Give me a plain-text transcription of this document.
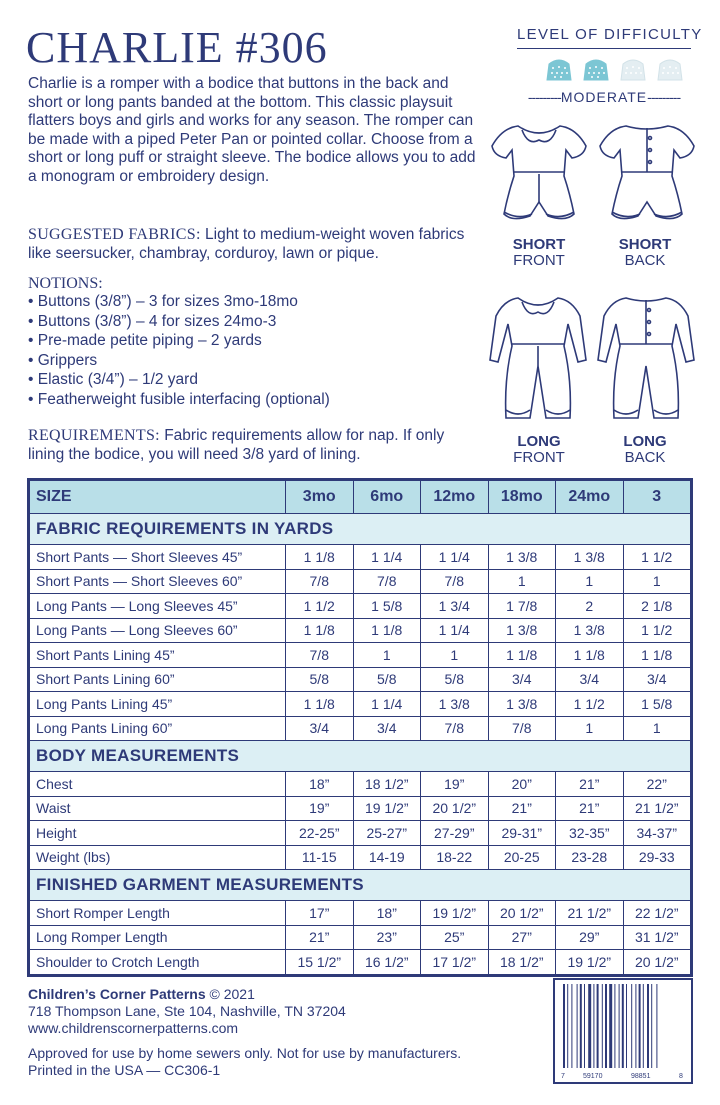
CHARLIE #306
Charlie is a romper with a bodice that buttons in the back and short or long pants banded at the bottom. This classic playsuit flatters boys and girls and works for any season. The romper can be made with a piped Peter Pan or pointed collar. Choose from a short or long puff or straight sleeve. The bodice allows you to add a monogram or embroidery design.
SUGGESTED FABRICS: Light to medium-weight woven fabrics like seersucker, chambray, corduroy, lawn or pique.
NOTIONS:
• Buttons (3/8”) – 3 for sizes 3mo-18mo
• Buttons (3/8”) – 4 for sizes 24mo-3
• Pre-made petite piping – 2 yards
• Grippers
• Elastic (3/4”) – 1/2 yard
• Featherweight fusible interfacing (optional)
REQUIREMENTS: Fabric requirements allow for nap. If only lining the bodice, you will need 3/8 yard of lining.
LEVEL OF DIFFICULTY
---------MODERATE---------
SHORT
FRONT
SHORT
BACK
LONG
FRONT
LONG
BACK
SIZE	3mo	6mo	12mo	18mo	24mo	3
FABRIC REQUIREMENTS IN YARDS						
Short Pants — Short Sleeves 45”	1 1/8	1 1/4	1 1/4	1 3/8	1 3/8	1 1/2
Short Pants — Short Sleeves 60”	7/8	7/8	7/8	1	1	1
Long Pants — Long Sleeves 45”	1 1/2	1 5/8	1 3/4	1 7/8	2	2 1/8
Long Pants — Long Sleeves 60”	1 1/8	1 1/8	1 1/4	1 3/8	1 3/8	1 1/2
Short Pants Lining 45”	7/8	1	1	1 1/8	1 1/8	1 1/8
Short Pants Lining 60”	5/8	5/8	5/8	3/4	3/4	3/4
Long Pants Lining 45”	1 1/8	1 1/4	1 3/8	1 3/8	1 1/2	1 5/8
Long Pants Lining 60”	3/4	3/4	7/8	7/8	1	1
BODY MEASUREMENTS						
Chest	18”	18 1/2”	19”	20”	21”	22”
Waist	19”	19 1/2”	20 1/2”	21”	21”	21 1/2”
Height	22-25”	25-27”	27-29”	29-31”	32-35”	34-37”
Weight (lbs)	11-15	14-19	18-22	20-25	23-28	29-33
FINISHED GARMENT MEASUREMENTS						
Short Romper Length	17”	18”	19 1/2”	20 1/2”	21 1/2”	22 1/2”
Long Romper Length	21”	23”	25”	27”	29”	31 1/2”
Shoulder to Crotch Length	15 1/2”	16 1/2”	17 1/2”	18 1/2”	19 1/2”	20 1/2”
Children’s Corner Patterns © 2021
718 Thompson Lane, Ste 104, Nashville, TN 37204
www.childrenscornerpatterns.com
Approved for use by home sewers only. Not for use by manufacturers.
Printed in the USA — CC306-1	7	59170	98851	8
